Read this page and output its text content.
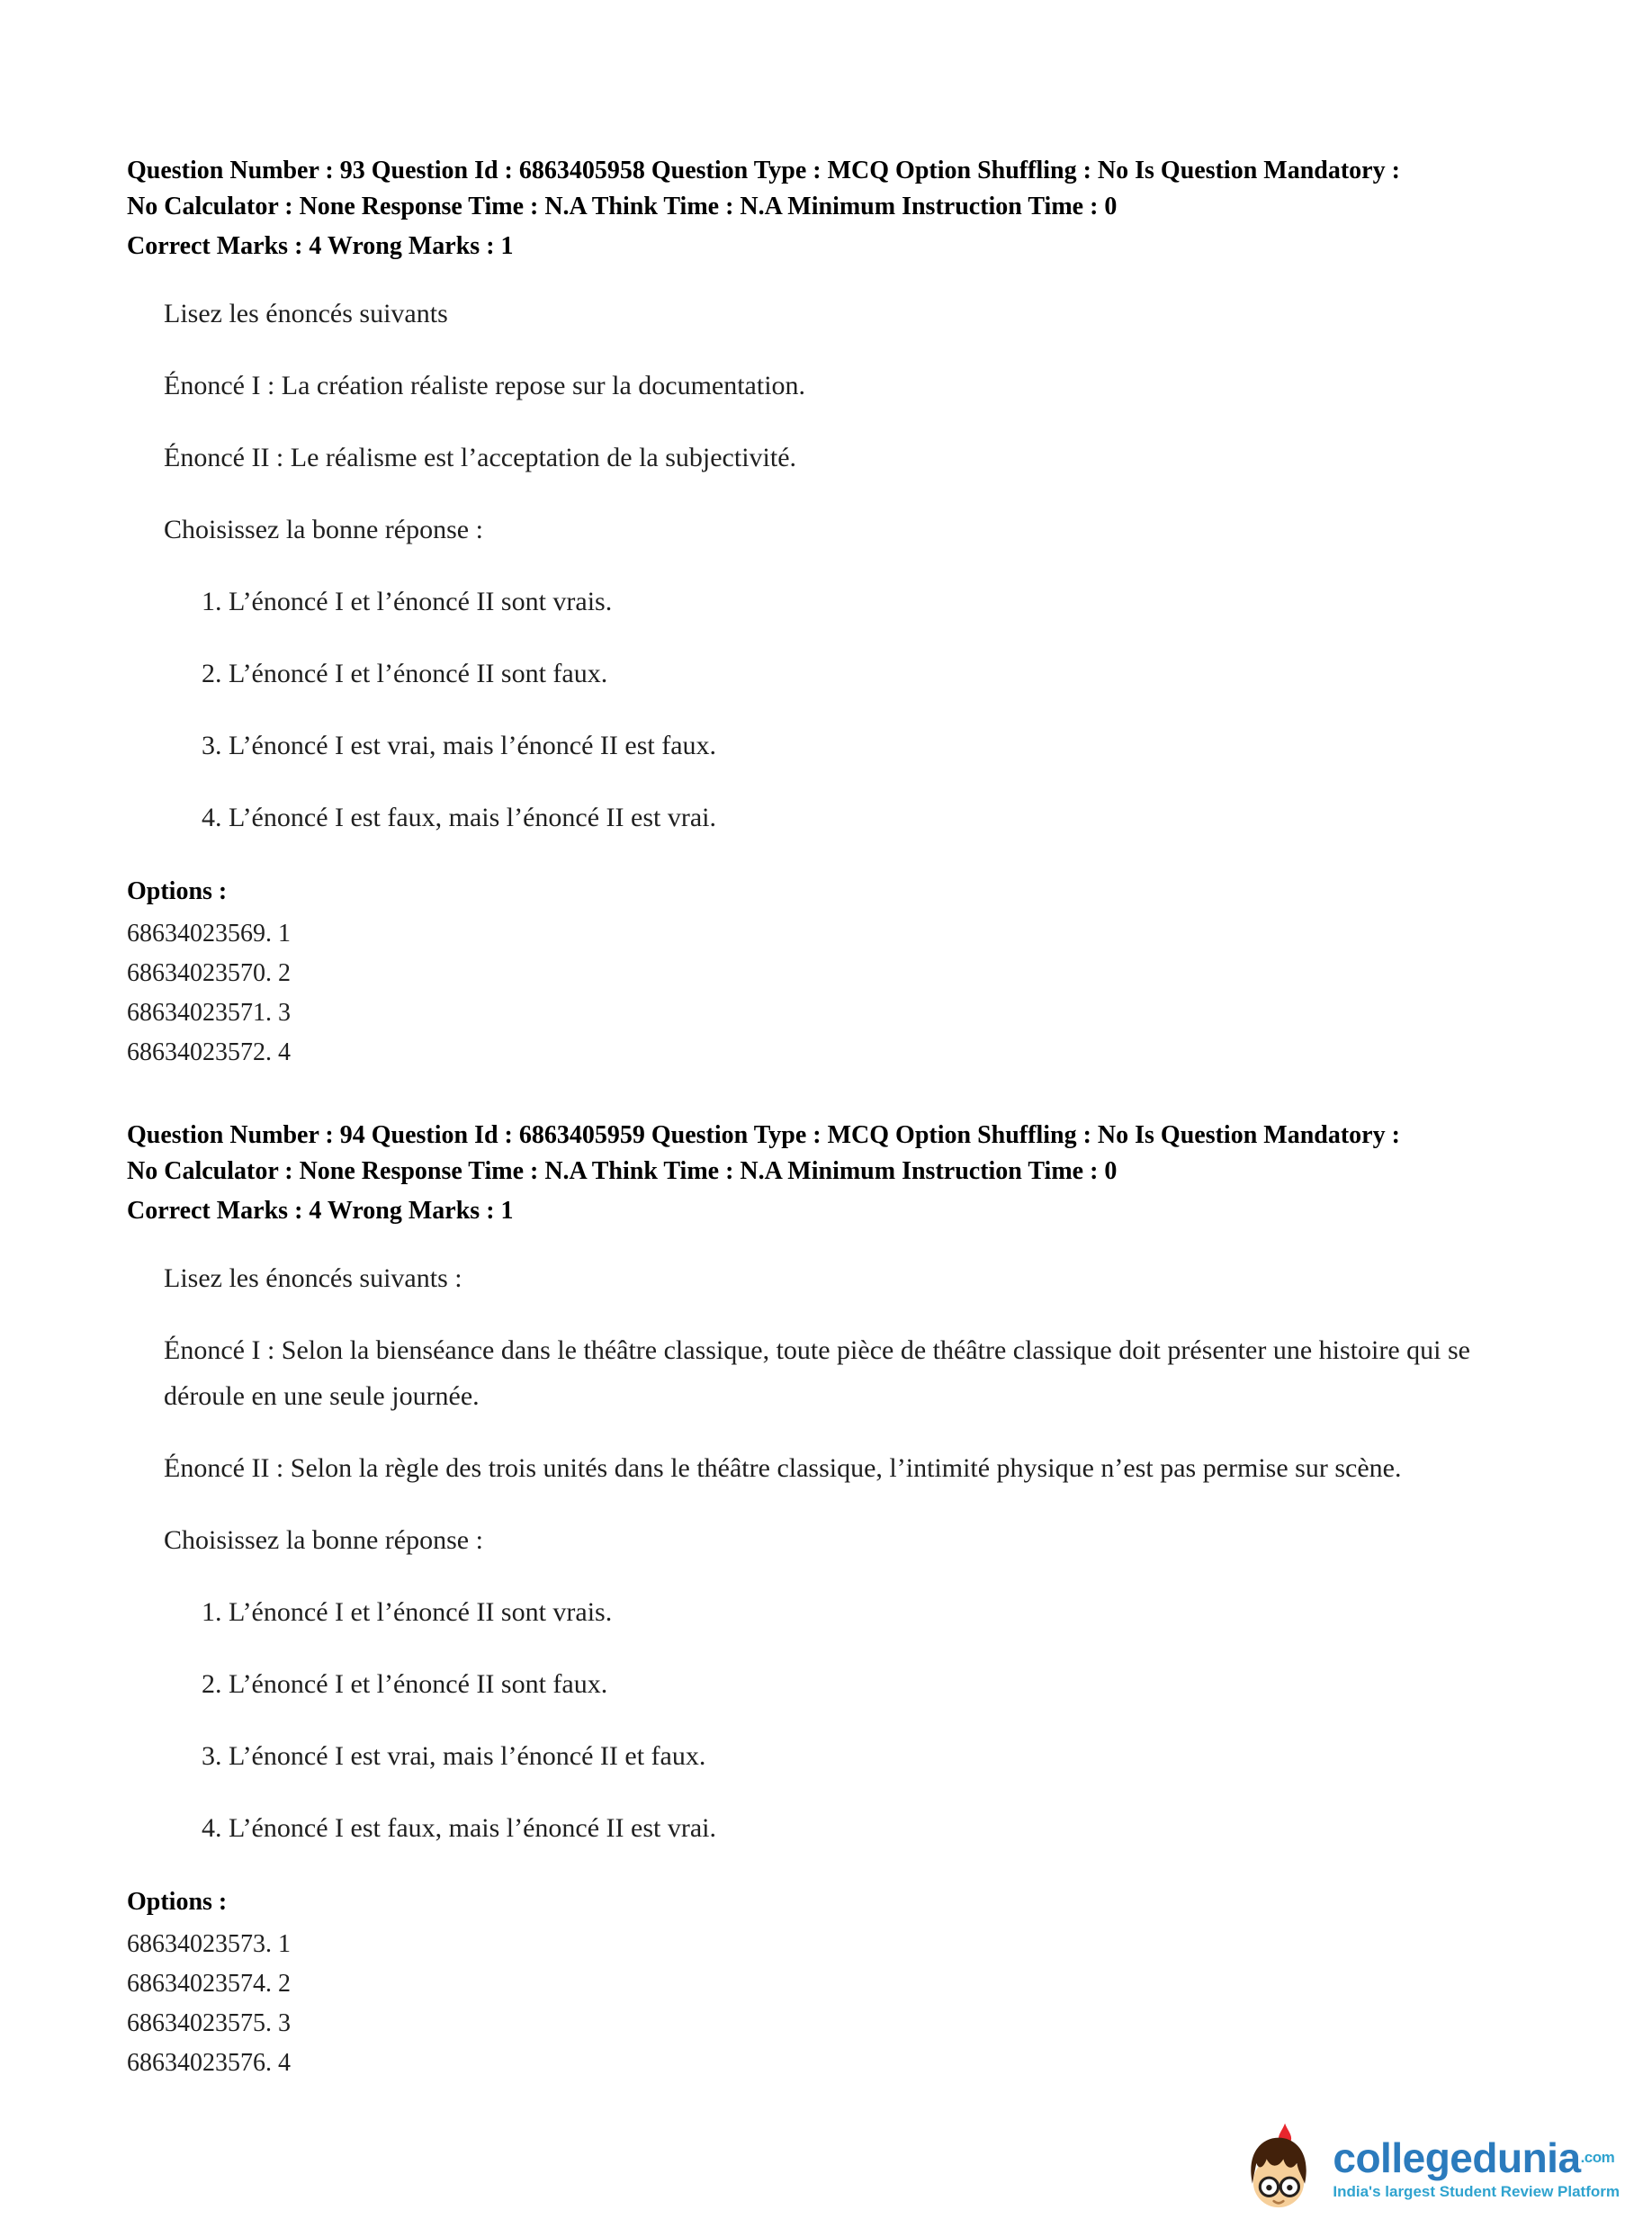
Question Number : 93 Question Id : 6863405958 Question Type : MCQ Option Shuffling : No Is Question Mandatory :

No Calculator : None Response Time : N.A Think Time : N.A Minimum Instruction Time : 0

Correct Marks : 4 Wrong Marks : 1

Lisez les énoncés suivants

Énoncé I : La création réaliste repose sur la documentation.

Énoncé II : Le réalisme est l’acceptation de la subjectivité.

Choisissez la bonne réponse :

1. L’énoncé I et l’énoncé II sont vrais.

2. L’énoncé I et l’énoncé II sont faux.

3. L’énoncé I est vrai, mais l’énoncé II est faux.

4. L’énoncé I est faux, mais l’énoncé II est vrai.

Options :

68634023569. 1

68634023570. 2

68634023571. 3

68634023572. 4

Question Number : 94 Question Id : 6863405959 Question Type : MCQ Option Shuffling : No Is Question Mandatory :

No Calculator : None Response Time : N.A Think Time : N.A Minimum Instruction Time : 0

Correct Marks : 4 Wrong Marks : 1

Lisez les énoncés suivants :

Énoncé I : Selon la bienséance dans le théâtre classique, toute pièce de théâtre classique doit présenter une histoire qui se déroule en une seule journée.

Énoncé II : Selon la règle des trois unités dans le théâtre classique, l’intimité physique n’est pas permise sur scène.

Choisissez la bonne réponse :

1. L’énoncé I et l’énoncé II sont vrais.

2. L’énoncé I et l’énoncé II sont faux.

3. L’énoncé I est vrai, mais l’énoncé II et faux.

4. L’énoncé I est faux, mais l’énoncé II est vrai.

Options :

68634023573. 1

68634023574. 2

68634023575. 3

68634023576. 4

collegedunia$^{.com}$
India's largest Student Review Platform
